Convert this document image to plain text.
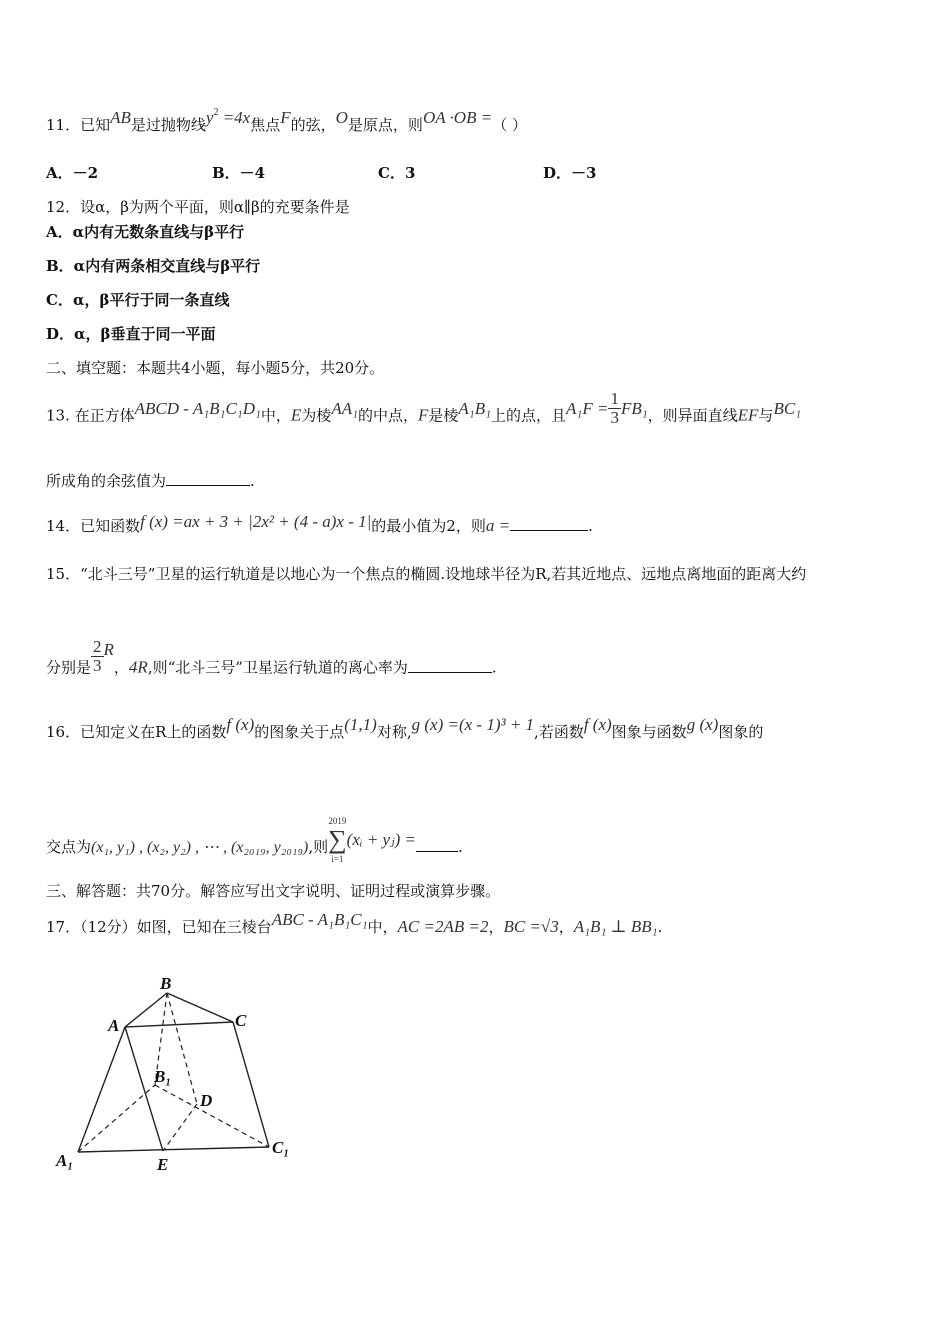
11．已知AB是过抛物线$y^2 =4x$焦点F的弦，O是原点，则OA ·OB =（ ）
A．－2	B．－4	C．3	D．－3
12．设α，β为两个平面，则α∥β的充要条件是
A．α内有无数条直线与β平行
B．α内有两条相交直线与β平行
C．α，β平行于同一条直线
D．α，β垂直于同一平面
二、填空题：本题共4小题，每小题5分，共20分。
13. 在正方体ABCD - A₁B₁C₁D₁中，E为棱AA₁的中点，F是棱A₁B₁上的点，且$A_1F = \frac{1}{3} FB_1$，则异面直线EF与BC₁
所成角的余弦值为	.
14．已知函数f (x) =ax + 3 + |2x² + (4 - a)x - 1|的最小值为2，则a =	.
15．“北斗三号”卫星的运行轨道是以地心为一个焦点的椭圆.设地球半径为R,若其近地点、远地点离地面的距离大约
分别是 $\frac{2}{3}$ R，4R,则“北斗三号”卫星运行轨道的离心率为	.
16．已知定义在R上的函数f (x)的图象关于点(1,1)对称,g (x) =(x - 1)³ + 1,若函数f (x)图象与函数g (x)图象的
交点为(x₁, y₁) , (x₂, y₂) , ⋯ , (x₂₀₁₉, y₂₀₁₉),则
2019
∑
i=1
(xᵢ + yⱼ) =	.
三、解答题：共70分。解答应写出文字说明、证明过程或演算步骤。
17．（12分）如图，已知在三棱台ABC - A₁B₁C₁中，AC =2AB =2，BC =√3，A₁B₁ ⊥ BB₁.
B
A	C
B₁
D
A₁	E
C₁
